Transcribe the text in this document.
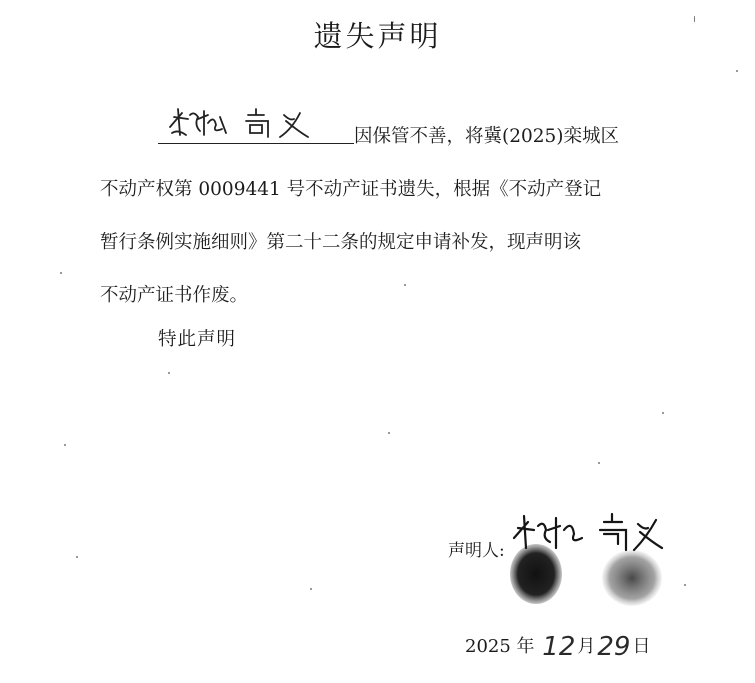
遗失声明
因保管不善，将冀(2025)栾城区
不动产权第 0009441 号不动产证书遗失，根据《不动产登记
暂行条例实施细则》第二十二条的规定申请补发，现声明该
不动产证书作废。
特此声明
声明人:
2025 年 12 月29 日
